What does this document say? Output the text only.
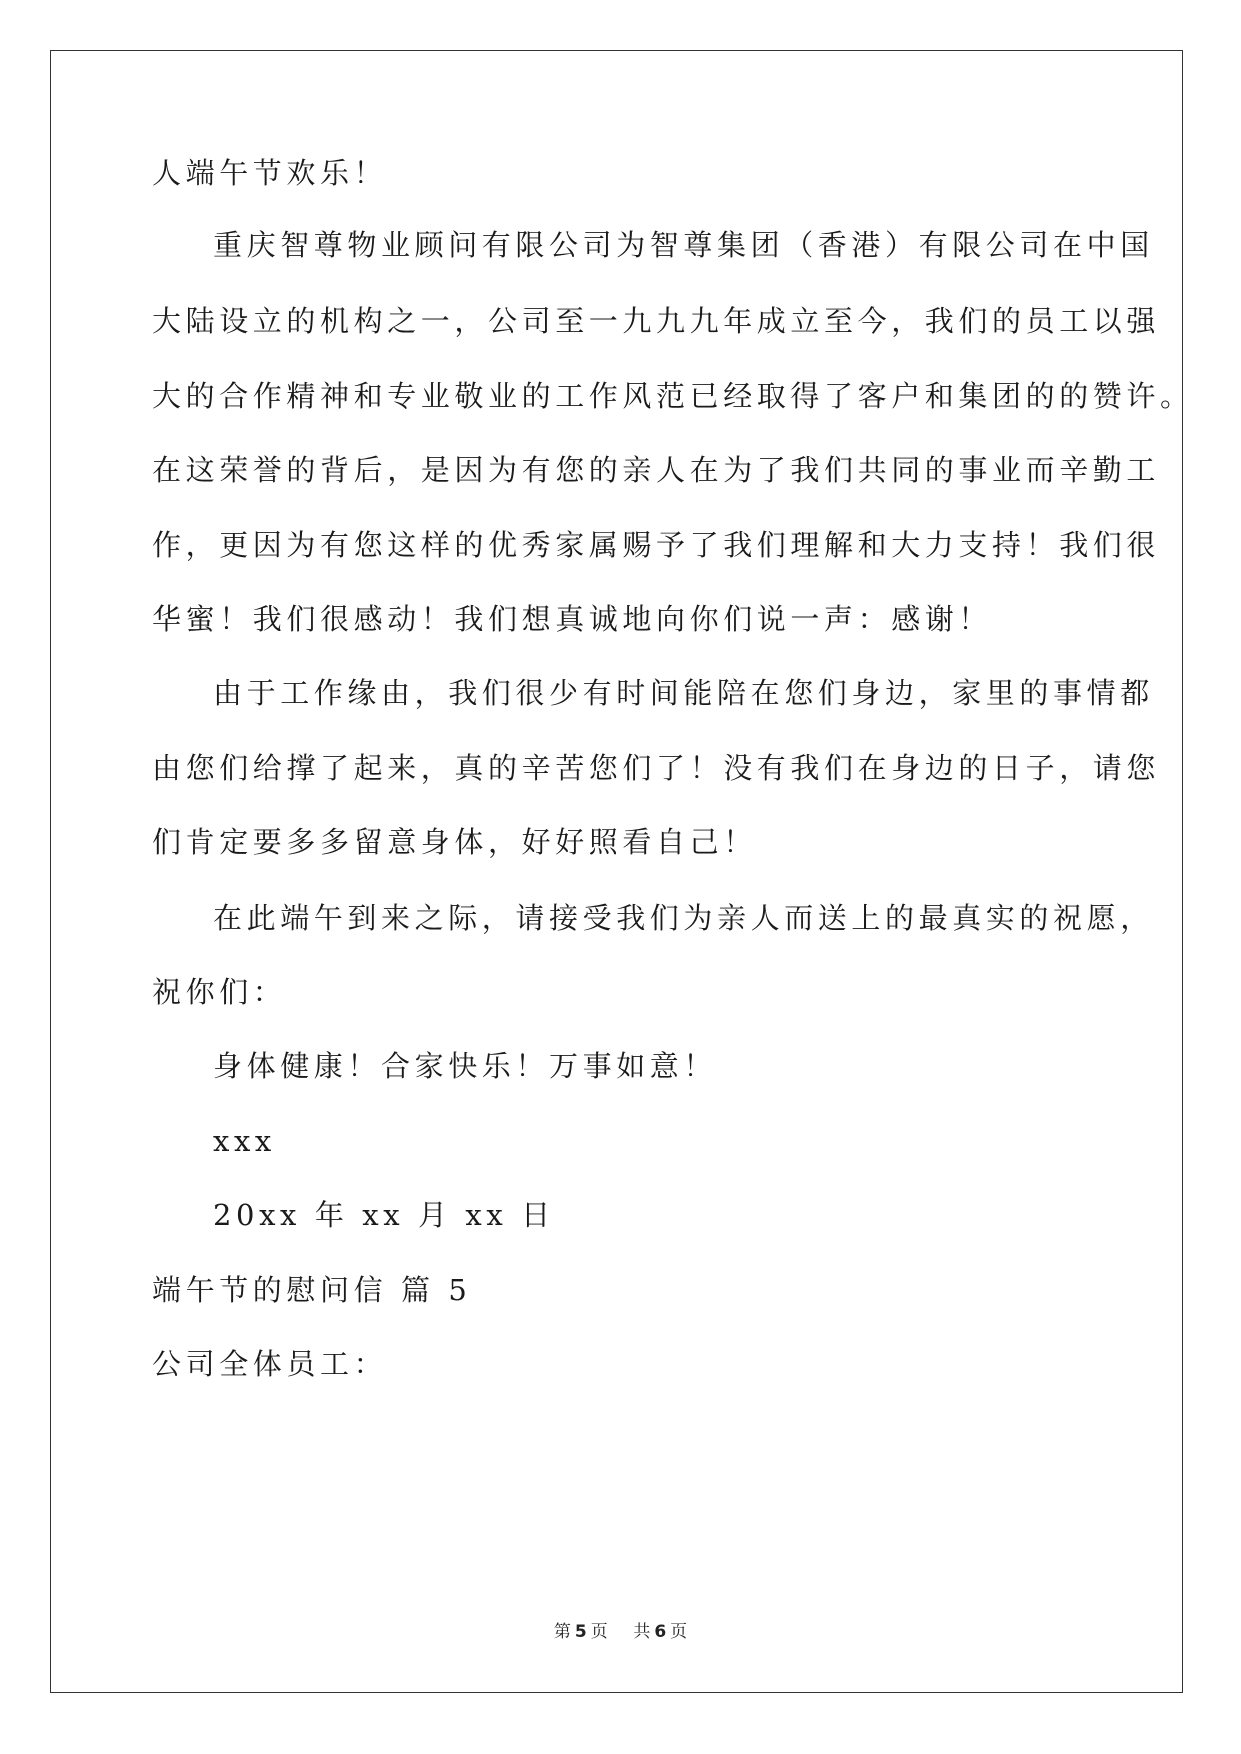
人端午节欢乐！
重庆智尊物业顾问有限公司为智尊集团（香港）有限公司在中国
大陆设立的机构之一，公司至一九九九年成立至今，我们的员工以强
大的合作精神和专业敬业的工作风范已经取得了客户和集团的的赞许。
在这荣誉的背后，是因为有您的亲人在为了我们共同的事业而辛勤工
作，更因为有您这样的优秀家属赐予了我们理解和大力支持！我们很
华蜜！我们很感动！我们想真诚地向你们说一声：感谢！
由于工作缘由，我们很少有时间能陪在您们身边，家里的事情都
由您们给撑了起来，真的辛苦您们了！没有我们在身边的日子，请您
们肯定要多多留意身体，好好照看自己！
在此端午到来之际，请接受我们为亲人而送上的最真实的祝愿，
祝你们：
身体健康！合家快乐！万事如意！
xxx
20xx 年 xx 月 xx 日
端午节的慰问信 篇 5
公司全体员工：
第 5 页 共 6 页
